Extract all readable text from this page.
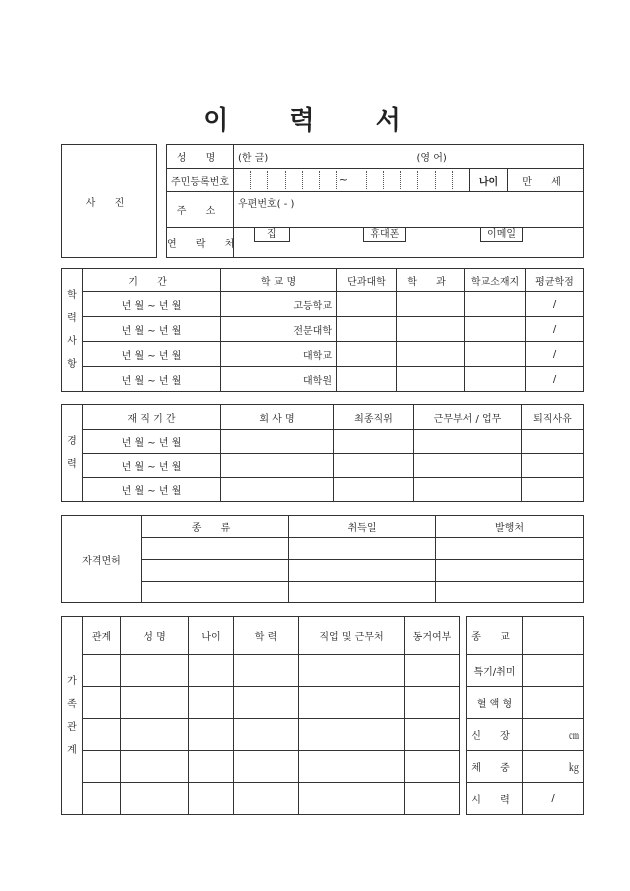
이 력 서
사 진		성 명	(한 글) (영 어)		
		주민등록번호	~	나이	만 세
		주 소	우편번호( - )		
		연 락 처	집 휴대폰 이메일		
학
력
사
항	기 간	학 교 명	단과대학	학 과	학교소재지	평균학점
	년 월 ~ 년 월	고등학교				/
	년 월 ~ 년 월	전문대학				/
	년 월 ~ 년 월	대학교				/
	년 월 ~ 년 월	대학원				/
경
력	재 직 기 간	회 사 명	최종직위	근무부서 / 업무	퇴직사유
	년 월 ~ 년 월				
	년 월 ~ 년 월				
	년 월 ~ 년 월				
자격면허	종 류	취득일	발행처

가
족
관
계	관계	성 명	나이	학 력	직업 및 근무처	동거여부		종 교	
								특기/취미	
								혈 액 형	
								신 장	㎝
								체 중	㎏
								시 력	/
